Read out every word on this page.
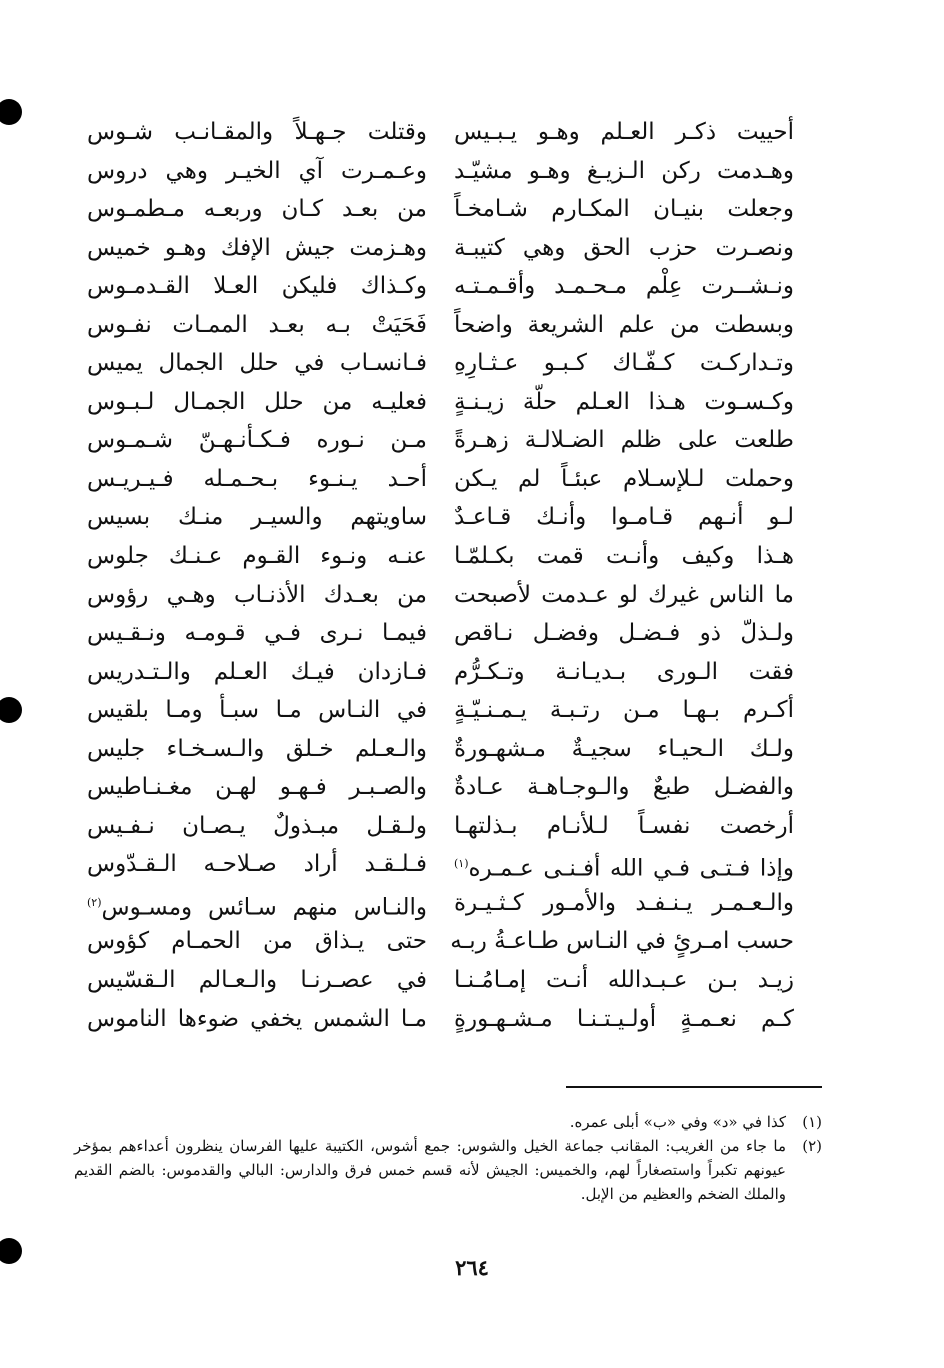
أحييت ذكـر العـلم وهـو يـبـيس
وهـدمت ركن الـزيـغ وهـو مشيّـد
وجعلت بنيـان المكـارم شـامخـاً
ونصـرت حزب الحق وهي كتيبـة
ونـشــرت عِلْم مـحـمـد وأقـمـتـه
وبسطت من علم الشريعة واضحاً
وتـداركـت كـفّـاك كـبـو عـثـارِهِ
وكـسـوت هـذا العـلم حلّة زيـنـةٍ
طلعت على ظلم الضـلالـة زهـرةً
وحملت لـلإسـلام عبئـاً لم يـكن
لـو أنـهم قـامـوا وأنـك قـاعـدٌ
هـذا وكيف وأنـت قمت بكـلمّـا
ما الناس غيرك لو عـدمت لأصبحت
ولـذلّ ذو فـضـل وفضـل نـاقص
فقت الـورى بـديـانـة وتـكـرُّم
أكـرم بـهـا مـن رتـبـة يـمـنـيّـةٍ
ولـك الـحيـاء سجيـةٌ مـشهـورةٌ
والفضـل طبعٌ والـوجـاهـة عـادةٌ
أرخصت نفسـاً لـلأنـام بـذلتهـا
وإذا فـتـى فـي الله أفـنـى عـمـره$^{(١)}$
والـعـمـر يـنـفـد والأمـور كـثـيـرة
حسب امـرئٍ في النـاس طـاعـةُ ربـه
زيـد بـن عـبـدالله أنـت إمـامُـنـا
كـم نعـمـةٍ أولـيـتـنـا مـشـهـورةٍ
وقتلت جـهـلاً والمقـانـب شـوس
وعـمـرت آي الخيـر وهي دروس
من بعـد كـان وربعـه مـطمـوس
وهـزمت جيش الإفك وهـو خميس
وكـذاك فليكن العـلا القـدمـوس
فَحَيَتْ بـه بعـد الممـات نفـوس
فـانسـاب في حلل الجمال يميس
فعليـه من حلل الجمـال لـبـوس
مـن نـوره فـكـأنـهـنّ شـمـوس
أحـد يـنـوء بـحـمـله فـيـريـس
ساويتهم والسيـر منـك بسيس
عنـه ونـوء القـوم عـنـك جلوس
من بعـدك الأذنـاب وهـي رؤوس
فيمـا نـرى فـي قـومـه ونـقـيس
فـازدان فيـك العـلم والـتـدريس
في النـاس مـا سبـأ ومـا بلقيس
والـعـلم خـلق والـسـخـاء جليس
والصـبـر فـهـو لهـن مغـنـاطيس
ولـقـل مبـذولٌ يـصـان نـفـيس
فـلـقـد أراد صـلاحـه الـقـدّوس
والنـاس منهم سـائس ومسـوس$^{(٢)}$
حتى يـذاق من الحمـام كؤوس
في عصـرنـا والـعـالم الـقسّيس
مـا الشمس يخفي ضوءها الناموس
(١)
كذا في «د» وفي «ب» أبلى عمره.
(٢)
ما جاء من الغريب: المقانب جماعة الخيل والشوس: جمع أشوس، الكتيبة عليها الفرسان ينظرون أعداءهم بمؤخر عيونهم تكبراً واستصغاراً لهم، والخميس: الجيش لأنه قسم خمس فرق والدارس: البالي والقدموس: بالضم القديم والملك الضخم والعظيم من الإبل.
٢٦٤
